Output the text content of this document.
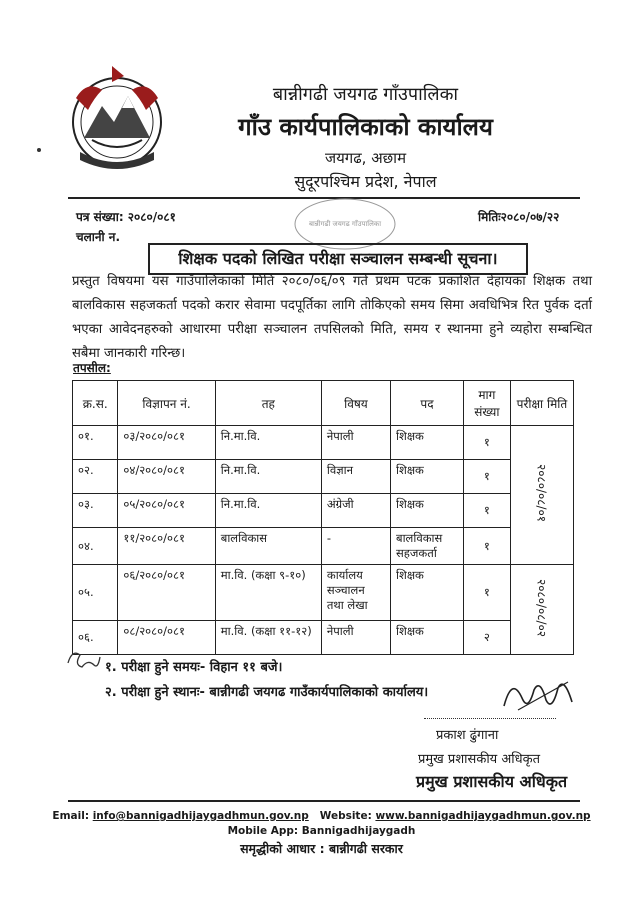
बान्नीगढी जयगढ गाँउपालिका
गाँउ कार्यपालिकाको कार्यालय
जयगढ, अछाम
सुदूरपश्चिम प्रदेश, नेपाल
पत्र संख्या: २०८०/०८१
चलानी न.
मितिः२०८०/०७/२२
बान्नीगढी जयगढ गाँउपालिका
शिक्षक पदको लिखित परीक्षा सञ्चालन सम्बन्धी सूचना।
प्रस्तुत विषयमा यस गाउँपालिकाको मिति २०८०/०६/०९ गते प्रथम पटक प्रकाशित देहायका शिक्षक तथा बालविकास सहजकर्ता पदको करार सेवामा पदपूर्तिका लागि तोकिएको समय सिमा अवधिभित्र रित पुर्वक दर्ता भएका आवेदनहरुको आधारमा परीक्षा सञ्चालन तपसिलको मिति, समय र स्थानमा हुने व्यहोरा सम्बन्धित सबैमा जानकारी गरिन्छ।
तपसील:
क्र.स.	विज्ञापन नं.	तह	विषय	पद	माग संख्या	परीक्षा मिति
०१.	०३/२०८०/०८१	नि.मा.वि.	नेपाली	शिक्षक	१	२०८०/०८/०१
०२.	०४/२०८०/०८१	नि.मा.वि.	विज्ञान	शिक्षक	१	
०३.	०५/२०८०/०८१	नि.मा.वि.	अंग्रेजी	शिक्षक	१	
०४.	११/२०८०/०८१	बालविकास	-	बालविकास सहजकर्ता	१	
०५.	०६/२०८०/०८१	मा.वि. (कक्षा ९-१०)	कार्यालय सञ्चालन तथा लेखा	शिक्षक	१	२०८०/०८/०२
०६.	०८/२०८०/०८१	मा.वि. (कक्षा ११-१२)	नेपाली	शिक्षक	२	
१. परीक्षा हुने समयः- विहान ११ बजे।
२. परीक्षा हुने स्थानः- बान्नीगढी जयगढ गाउँकार्यपालिकाको कार्यालय।
प्रकाश ढुंगाना
प्रमुख प्रशासकीय अधिकृत
प्रमुख प्रशासकीय अधिकृत
Email: info@bannigadhijaygadhmun.gov.np Website: www.bannigadhijaygadhmun.gov.np
Mobile App: Bannigadhijaygadh
समृद्धीको आधार : बान्नीगढी सरकार
